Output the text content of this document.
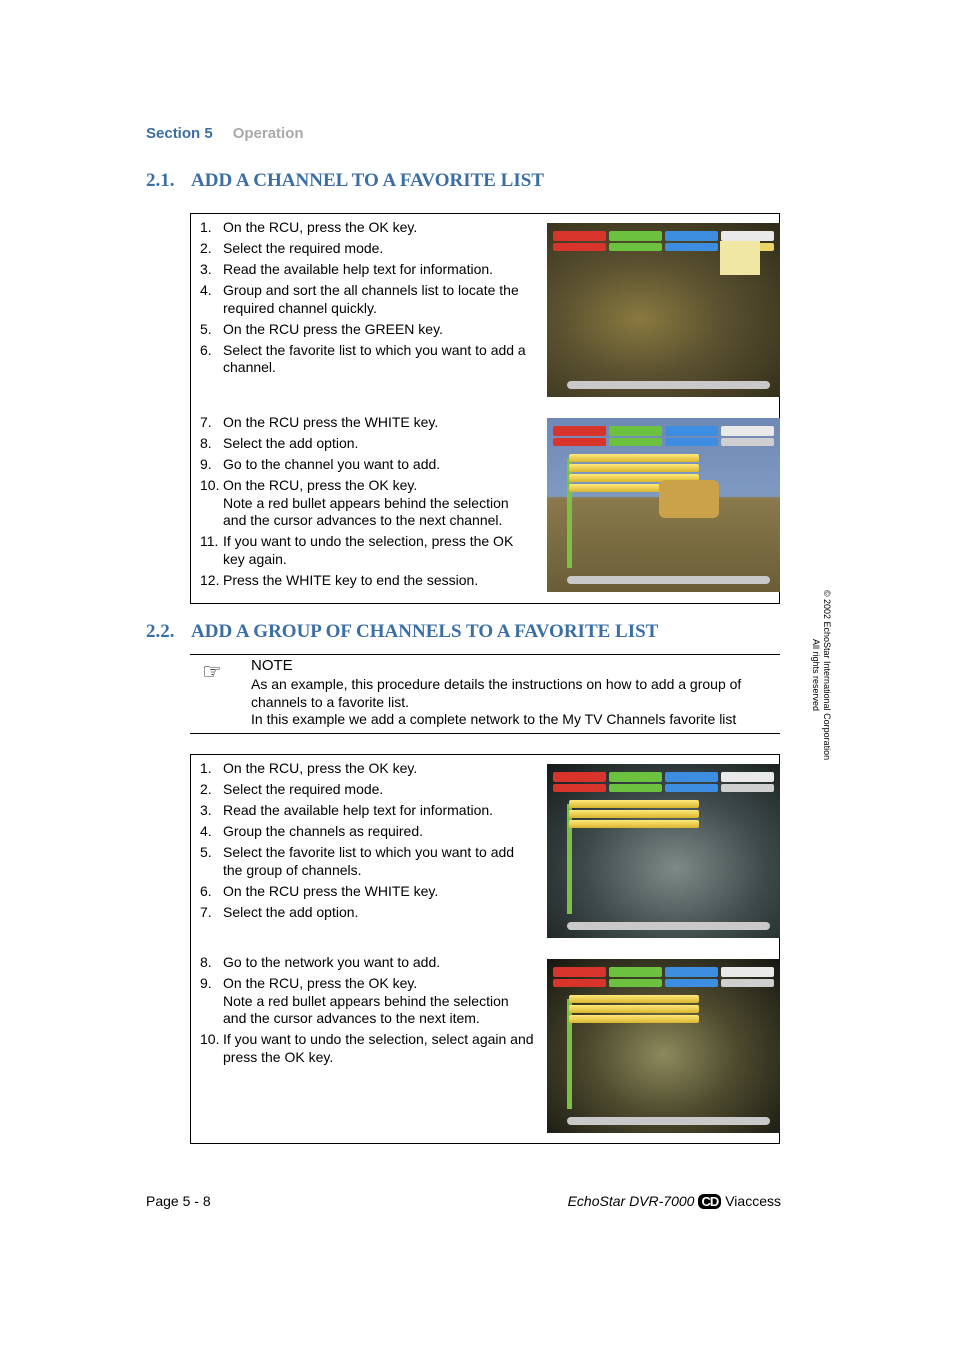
Section 5 Operation
2.1. ADD A CHANNEL TO A FAVORITE LIST
1. On the RCU, press the OK key.
2. Select the required mode.
3. Read the available help text for information.
4. Group and sort the all channels list to locate the required channel quickly.
5. On the RCU press the GREEN key.
6. Select the favorite list to which you want to add a channel.
7. On the RCU press the WHITE key.
8. Select the add option.
9. Go to the channel you want to add.
10. On the RCU, press the OK key.
Note a red bullet appears behind the selection and the cursor advances to the next channel.
11. If you want to undo the selection, press the OK key again.
12. Press the WHITE key to end the session.
2.2. ADD A GROUP OF CHANNELS TO A FAVORITE LIST
☞ NOTE
As an example, this procedure details the instructions on how to add a group of channels to a favorite list.
In this example we add a complete network to the My TV Channels favorite list
1. On the RCU, press the OK key.
2. Select the required mode.
3. Read the available help text for information.
4. Group the channels as required.
5. Select the favorite list to which you want to add the group of channels.
6. On the RCU press the WHITE key.
7. Select the add option.
8. Go to the network you want to add.
9. On the RCU, press the OK key.
Note a red bullet appears behind the selection and the cursor advances to the next item.
10. If you want to undo the selection, select again and press the OK key.
© 2002 EchoStar International Corporation
All rights reserved
Page 5 - 8	EchoStar DVR-7000 CD Viaccess
